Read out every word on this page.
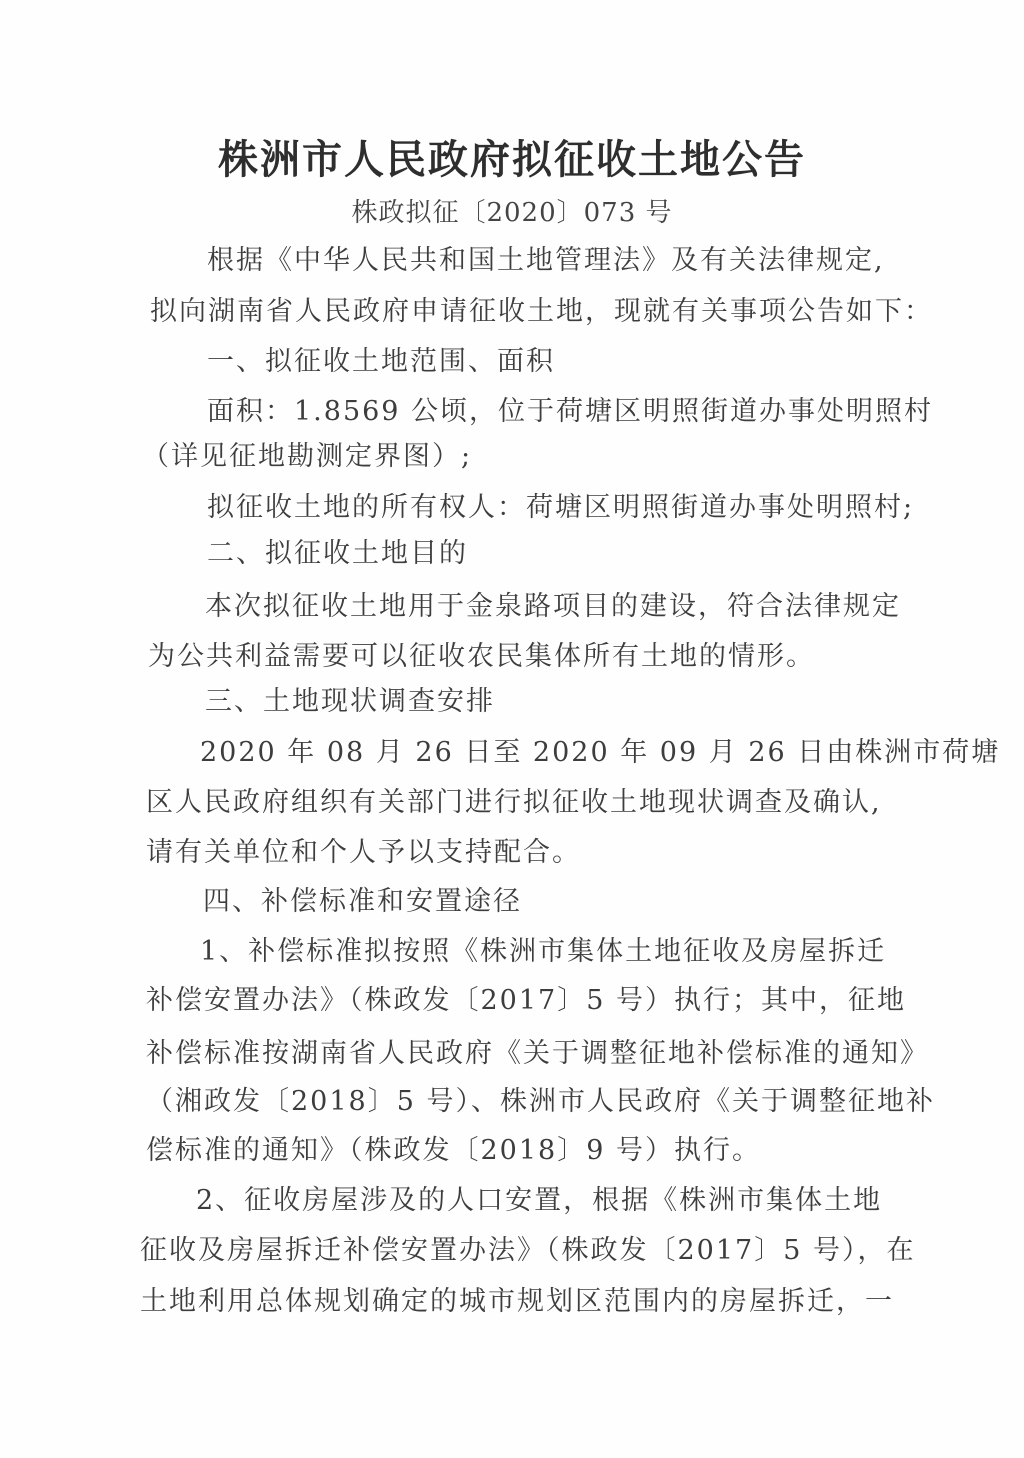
株洲市人民政府拟征收土地公告
株政拟征〔2020〕073 号
根据《中华人民共和国土地管理法》及有关法律规定,
拟向湖南省人民政府申请征收土地，现就有关事项公告如下：
一、拟征收土地范围、面积
面积：1.8569 公顷，位于荷塘区明照街道办事处明照村
（详见征地勘测定界图）;
拟征收土地的所有权人：荷塘区明照街道办事处明照村;
二、拟征收土地目的
本次拟征收土地用于金泉路项目的建设，符合法律规定
为公共利益需要可以征收农民集体所有土地的情形。
三、土地现状调查安排
2020 年 08 月 26 日至 2020 年 09 月 26 日由株洲市荷塘
区人民政府组织有关部门进行拟征收土地现状调查及确认,
请有关单位和个人予以支持配合。
四、补偿标准和安置途径
1、补偿标准拟按照《株洲市集体土地征收及房屋拆迁
补偿安置办法》（株政发〔2017〕5 号）执行；其中，征地
补偿标准按湖南省人民政府《关于调整征地补偿标准的通知》
（湘政发〔2018〕5 号）、株洲市人民政府《关于调整征地补
偿标准的通知》（株政发〔2018〕9 号）执行。
2、征收房屋涉及的人口安置，根据《株洲市集体土地
征收及房屋拆迁补偿安置办法》（株政发〔2017〕5 号），在
土地利用总体规划确定的城市规划区范围内的房屋拆迁，一
